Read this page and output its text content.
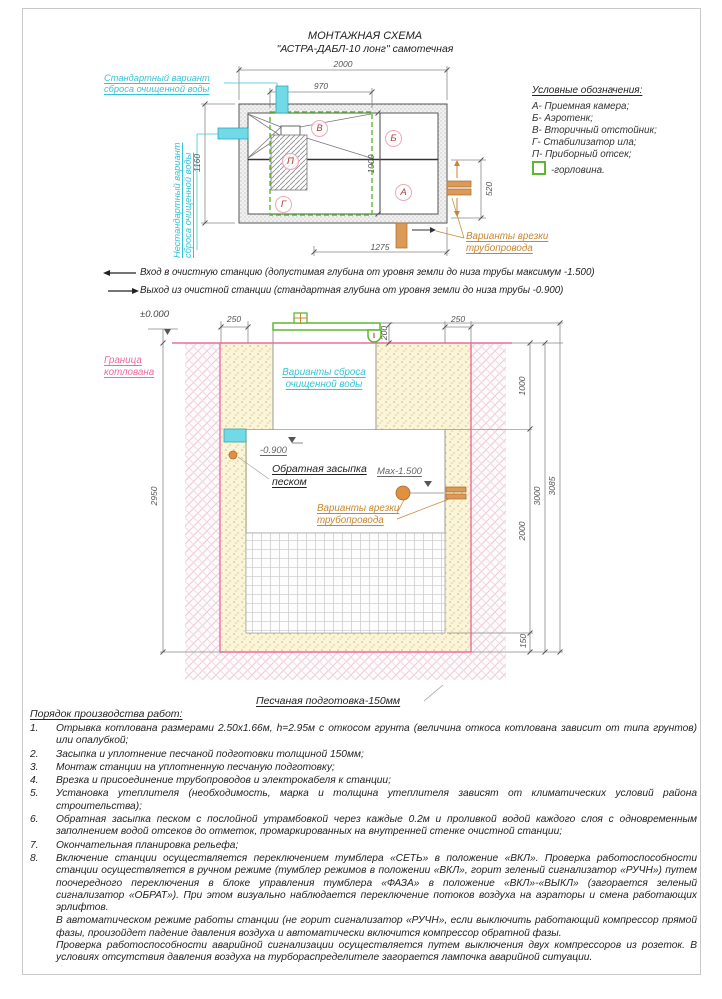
МОНТАЖНАЯ СХЕМА
"АСТРА-ДАБЛ-10 лонг" самотечная
Условные обозначения:
А- Приемная камера;
Б- Аэротенк;
В- Вторичный отстойник;
Г- Стабилизатор ила;
П- Приборный отсек;
-горловина.
Стандартный вариант сброса очищенной воды
Нестандартный вариант сброса очищенной воды	Варианты врезки трубопровода
2000
970
1275
1160	1000
520
В
Б
А
Г
П
Вход в очистную станцию (допустимая глубина от уровня земли до низа трубы максимум -1.500)
Выход из очистной станции (стандартная глубина от уровня земли до низа трубы -0.900)
±0.000
Граница котлована	Варианты сброса очищенной воды
-0.900
Обратная засыпка песком
Max-1.500
Варианты врезки трубопровода
Песчаная подготовка-150мм
2950
250	250
200
1000
2000
3000
3085
150
Порядок производства работ:
1.	Отрывка котлована размерами 2.50х1.66м, h=2.95м с откосом грунта (величина откоса котлована зависит от типа грунтов) или опалубкой;
2.	Засыпка и уплотнение песчаной подготовки толщиной 150мм;
3.	Монтаж станции на уплотненную песчаную подготовку;
4.	Врезка и присоединение трубопроводов и электрокабеля к станции;
5.	Установка утеплителя (необходимость, марка и толщина утеплителя зависят от климатических условий района строительства);
6.	Обратная засыпка песком с послойной утрамбовкой через каждые 0.2м и проливкой водой каждого слоя с одновременным заполнением водой отсеков до отметок, промаркированных на внутренней стенке очистной станции;
7.	Окончательная планировка рельефа;
8.	Включение станции осуществляется переключением тумблера «СЕТЬ» в положение «ВКЛ». Проверка работоспособности станции осуществляется в ручном режиме (тумблер режимов в положении «ВКЛ», горит зеленый сигнализатор «РУЧН») путем поочередного переключения в блоке управления тумблера «ФАЗА» в положение «ВКЛ»-«ВЫКЛ» (загорается зеленый сигнализатор «ОБРАТ»). При этом визуально наблюдается переключение потоков воздуха на аэраторы и смена работающих эрлифтов.
В автоматическом режиме работы станции (не горит сигнализатор «РУЧН», если выключить работающий компрессор прямой фазы, произойдет падение давления воздуха и автоматически включится компрессор обратной фазы.
Проверка работоспособности аварийной сигнализации осуществляется путем выключения двух компрессоров из розеток. В условиях отсутствия давления воздуха на турбораспределителе загорается лампочка аварийной ситуации.
